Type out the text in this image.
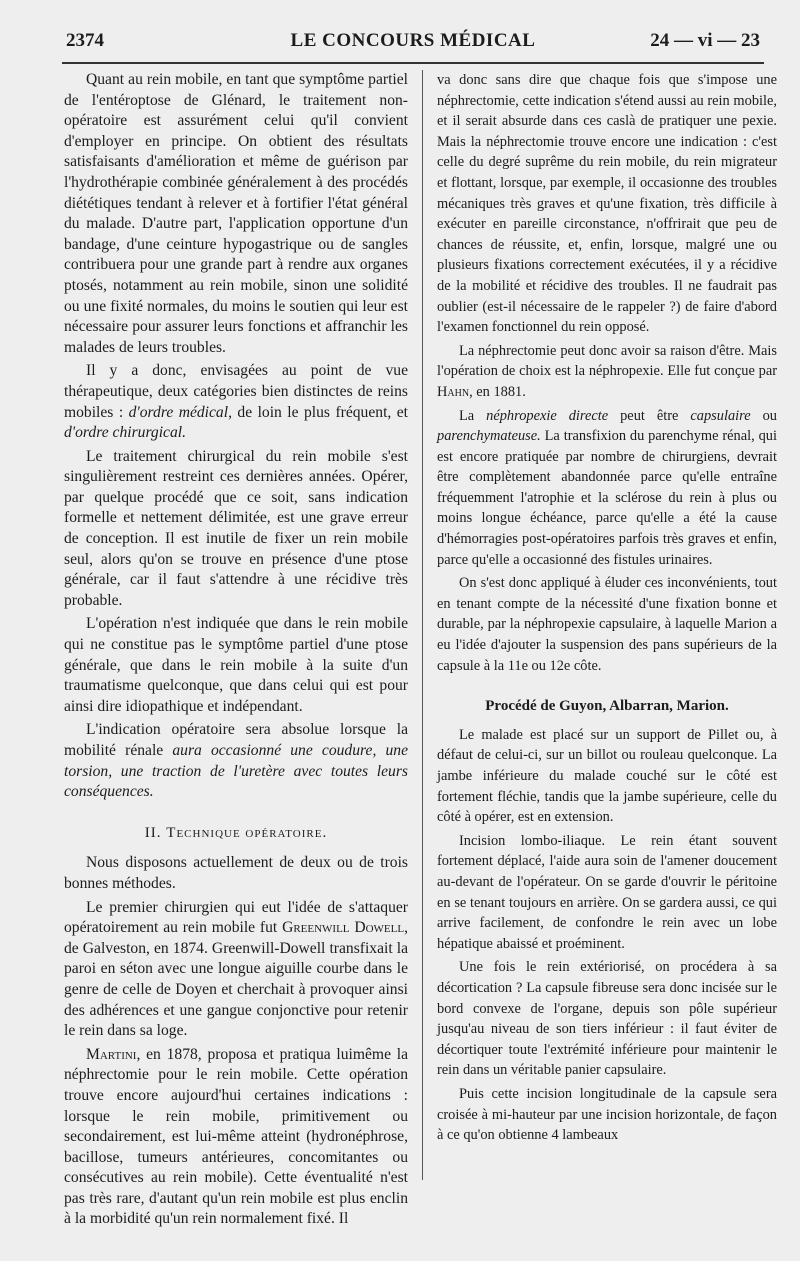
2374	LE CONCOURS MÉDICAL	24 — vi — 23

Quant au rein mobile, en tant que symptôme partiel de l'entéroptose de Glénard, le traitement non-opératoire est assurément celui qu'il convient d'employer en principe. On obtient des résultats satisfaisants d'amélioration et même de guérison par l'hydrothérapie combinée généralement à des procédés diététiques tendant à relever et à fortifier l'état général du malade. D'autre part, l'application opportune d'un bandage, d'une ceinture hypogastrique ou de sangles contribuera pour une grande part à rendre aux organes ptosés, notamment au rein mobile, sinon une solidité ou une fixité normales, du moins le soutien qui leur est nécessaire pour assurer leurs fonctions et affranchir les malades de leurs troubles.

Il y a donc, envisagées au point de vue thérapeutique, deux catégories bien distinctes de reins mobiles : d'ordre médical, de loin le plus fréquent, et d'ordre chirurgical.

Le traitement chirurgical du rein mobile s'est singulièrement restreint ces dernières années. Opérer, par quelque procédé que ce soit, sans indication formelle et nettement délimitée, est une grave erreur de conception. Il est inutile de fixer un rein mobile seul, alors qu'on se trouve en présence d'une ptose générale, car il faut s'attendre à une récidive très probable.

L'opération n'est indiquée que dans le rein mobile qui ne constitue pas le symptôme partiel d'une ptose générale, que dans le rein mobile à la suite d'un traumatisme quelconque, que dans celui qui est pour ainsi dire idiopathique et indépendant.

L'indication opératoire sera absolue lorsque la mobilité rénale aura occasionné une coudure, une torsion, une traction de l'uretère avec toutes leurs conséquences.

II. Technique opératoire.

Nous disposons actuellement de deux ou de trois bonnes méthodes.

Le premier chirurgien qui eut l'idée de s'attaquer opératoirement au rein mobile fut Greenwill Dowell, de Galveston, en 1874. Greenwill-Dowell transfixait la paroi en séton avec une longue aiguille courbe dans le genre de celle de Doyen et cherchait à provoquer ainsi des adhérences et une gangue conjonctive pour retenir le rein dans sa loge.

Martini, en 1878, proposa et pratiqua luimême la néphrectomie pour le rein mobile. Cette opération trouve encore aujourd'hui certaines indications : lorsque le rein mobile, primitivement ou secondairement, est lui-même atteint (hydronéphrose, bacillose, tumeurs antérieures, concomitantes ou consécutives au rein mobile). Cette éventualité n'est pas très rare, d'autant qu'un rein mobile est plus enclin à la morbidité qu'un rein normalement fixé. Il

va donc sans dire que chaque fois que s'impose une néphrectomie, cette indication s'étend aussi au rein mobile, et il serait absurde dans ces caslà de pratiquer une pexie. Mais la néphrectomie trouve encore une indication : c'est celle du degré suprême du rein mobile, du rein migrateur et flottant, lorsque, par exemple, il occasionne des troubles mécaniques très graves et qu'une fixation, très difficile à exécuter en pareille circonstance, n'offrirait que peu de chances de réussite, et, enfin, lorsque, malgré une ou plusieurs fixations correctement exécutées, il y a récidive de la mobilité et récidive des troubles. Il ne faudrait pas oublier (est-il nécessaire de le rappeler ?) de faire d'abord l'examen fonctionnel du rein opposé.

La néphrectomie peut donc avoir sa raison d'être. Mais l'opération de choix est la néphropexie. Elle fut conçue par Hahn, en 1881.

La néphropexie directe peut être capsulaire ou parenchymateuse. La transfixion du parenchyme rénal, qui est encore pratiquée par nombre de chirurgiens, devrait être complètement abandonnée parce qu'elle entraîne fréquemment l'atrophie et la sclérose du rein à plus ou moins longue échéance, parce qu'elle a été la cause d'hémorragies post-opératoires parfois très graves et enfin, parce qu'elle a occasionné des fistules urinaires.

On s'est donc appliqué à éluder ces inconvénients, tout en tenant compte de la nécessité d'une fixation bonne et durable, par la néphropexie capsulaire, à laquelle Marion a eu l'idée d'ajouter la suspension des pans supérieurs de la capsule à la 11e ou 12e côte.

Procédé de Guyon, Albarran, Marion.

Le malade est placé sur un support de Pillet ou, à défaut de celui-ci, sur un billot ou rouleau quelconque. La jambe inférieure du malade couché sur le côté est fortement fléchie, tandis que la jambe supérieure, celle du côté à opérer, est en extension.

Incision lombo-iliaque. Le rein étant souvent fortement déplacé, l'aide aura soin de l'amener doucement au-devant de l'opérateur. On se garde d'ouvrir le péritoine en se tenant toujours en arrière. On se gardera aussi, ce qui arrive facilement, de confondre le rein avec un lobe hépatique abaissé et proéminent.

Une fois le rein extériorisé, on procédera à sa décortication ? La capsule fibreuse sera donc incisée sur le bord convexe de l'organe, depuis son pôle supérieur jusqu'au niveau de son tiers inférieur : il faut éviter de décortiquer toute l'extrémité inférieure pour maintenir le rein dans un véritable panier capsulaire.

Puis cette incision longitudinale de la capsule sera croisée à mi-hauteur par une incision horizontale, de façon à ce qu'on obtienne 4 lambeaux
